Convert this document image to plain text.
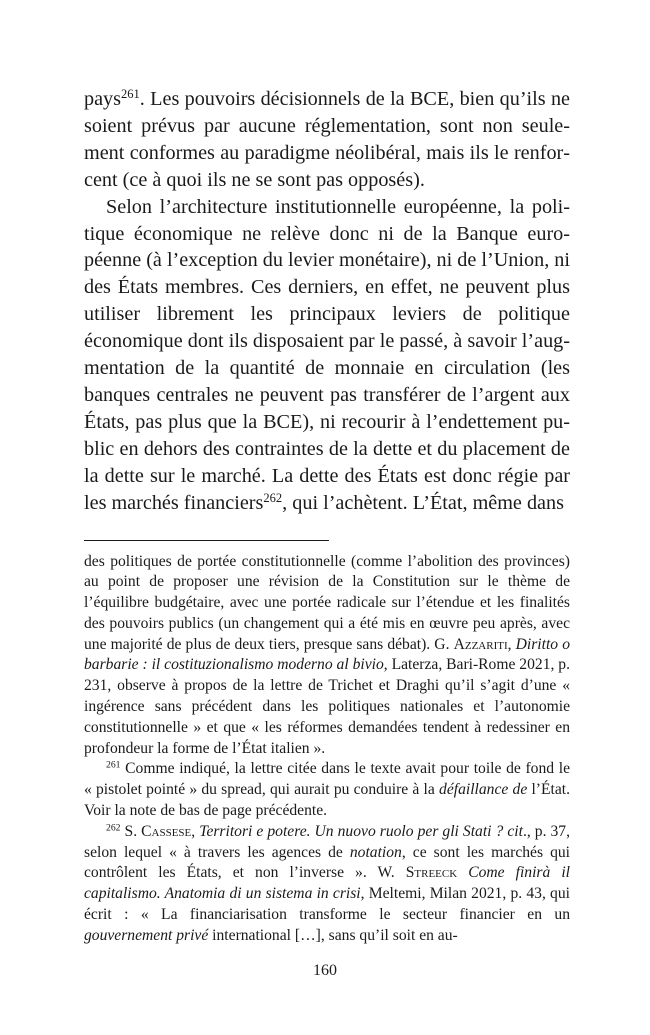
pays$^{261}$. Les pouvoirs décisionnels de la BCE, bien qu’ils ne soient prévus par aucune réglementation, sont non seulement conformes au paradigme néolibéral, mais ils le renforcent (ce à quoi ils ne se sont pas opposés).

Selon l’architecture institutionnelle européenne, la politique économique ne relève donc ni de la Banque européenne (à l’exception du levier monétaire), ni de l’Union, ni des États membres. Ces derniers, en effet, ne peuvent plus utiliser librement les principaux leviers de politique économique dont ils disposaient par le passé, à savoir l’augmentation de la quantité de monnaie en circulation (les banques centrales ne peuvent pas transférer de l’argent aux États, pas plus que la BCE), ni recourir à l’endettement public en dehors des contraintes de la dette et du placement de la dette sur le marché. La dette des États est donc régie par les marchés financiers$^{262}$, qui l’achètent. L’État, même dans

des politiques de portée constitutionnelle (comme l’abolition des provinces) au point de proposer une révision de la Constitution sur le thème de l’équilibre budgétaire, avec une portée radicale sur l’étendue et les finalités des pouvoirs publics (un changement qui a été mis en œuvre peu après, avec une majorité de plus de deux tiers, presque sans débat). G. Azzariti, Diritto o barbarie : il costituzionalismo moderno al bivio, Laterza, Bari-Rome 2021, p. 231, observe à propos de la lettre de Trichet et Draghi qu’il s’agit d’une « ingérence sans précédent dans les politiques nationales et l’autonomie constitutionnelle » et que « les réformes demandées tendent à redessiner en profondeur la forme de l’État italien ».

$^{261}$ Comme indiqué, la lettre citée dans le texte avait pour toile de fond le « pistolet pointé » du spread, qui aurait pu conduire à la défaillance de l’État. Voir la note de bas de page précédente.

$^{262}$ S. Cassese, Territori e potere. Un nuovo ruolo per gli Stati ? cit., p. 37, selon lequel « à travers les agences de notation, ce sont les marchés qui contrôlent les États, et non l’inverse ». W. Streeck Come finirà il capitalismo. Anatomia di un sistema in crisi, Meltemi, Milan 2021, p. 43, qui écrit : « La financiarisation transforme le secteur financier en un gouvernement privé international […], sans qu’il soit en au-

160
